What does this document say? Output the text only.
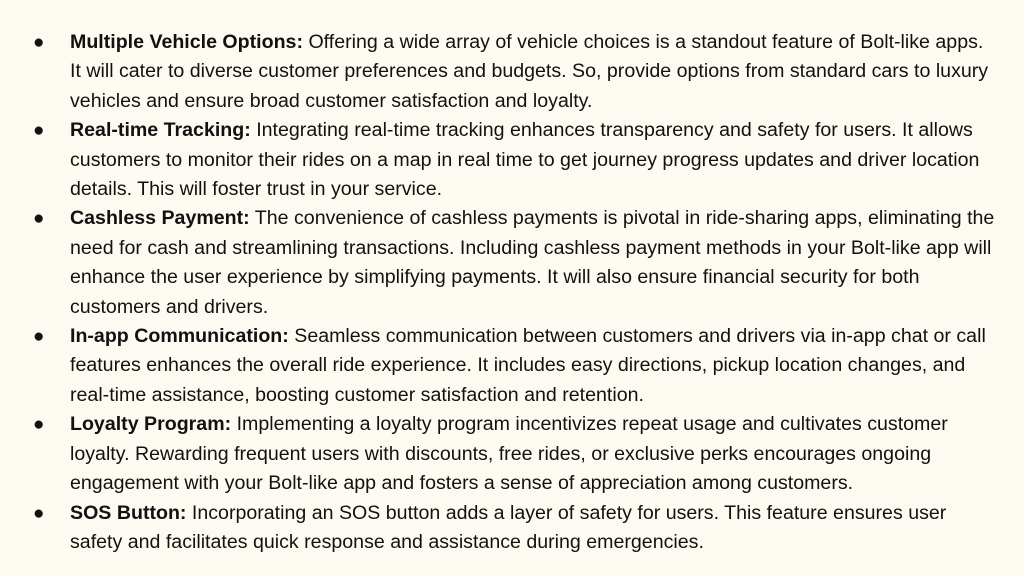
● Multiple Vehicle Options: Offering a wide array of vehicle choices is a standout feature of Bolt-like apps. It will cater to diverse customer preferences and budgets. So, provide options from standard cars to luxury vehicles and ensure broad customer satisfaction and loyalty.
● Real-time Tracking: Integrating real-time tracking enhances transparency and safety for users. It allows customers to monitor their rides on a map in real time to get journey progress updates and driver location details. This will foster trust in your service.
● Cashless Payment: The convenience of cashless payments is pivotal in ride-sharing apps, eliminating the need for cash and streamlining transactions. Including cashless payment methods in your Bolt-like app will enhance the user experience by simplifying payments. It will also ensure financial security for both customers and drivers.
● In-app Communication: Seamless communication between customers and drivers via in-app chat or call features enhances the overall ride experience. It includes easy directions, pickup location changes, and real-time assistance, boosting customer satisfaction and retention.
● Loyalty Program: Implementing a loyalty program incentivizes repeat usage and cultivates customer loyalty. Rewarding frequent users with discounts, free rides, or exclusive perks encourages ongoing engagement with your Bolt-like app and fosters a sense of appreciation among customers.
● SOS Button: Incorporating an SOS button adds a layer of safety for users. This feature ensures user safety and facilitates quick response and assistance during emergencies.
